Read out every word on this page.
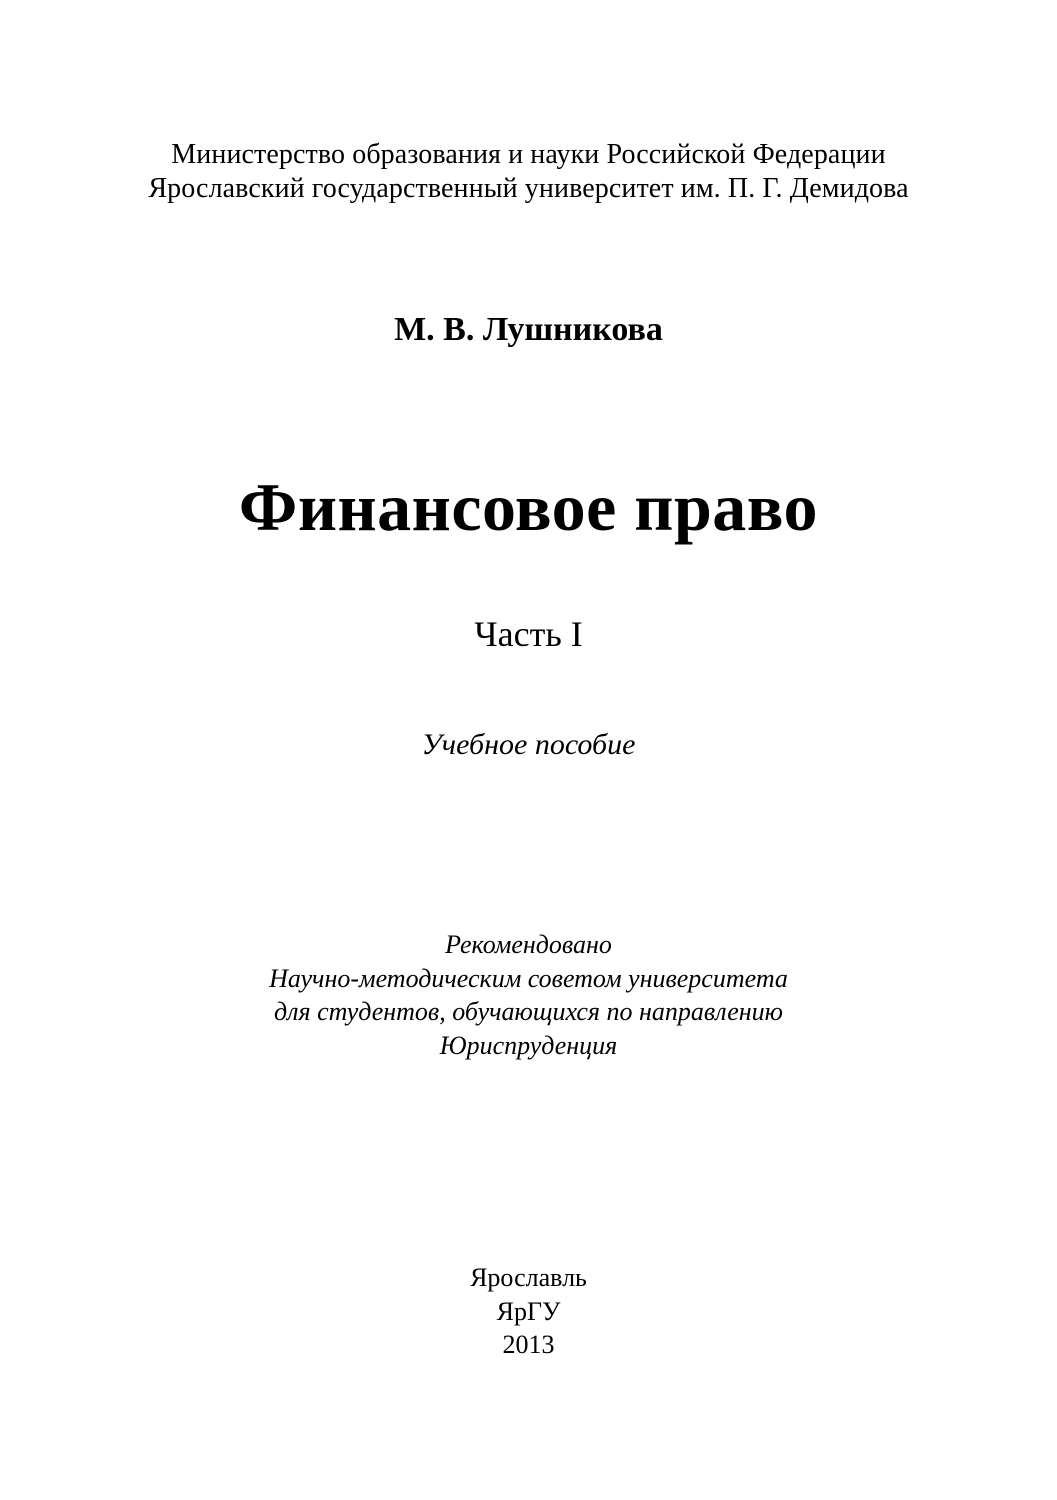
Министерство образования и науки Российской Федерации
Ярославский государственный университет им. П. Г. Демидова
М. В. Лушникова
Финансовое право
Часть I
Учебное пособие
Рекомендовано
Научно-методическим советом университета
для студентов, обучающихся по направлению
Юриспруденция
Ярославль
ЯрГУ
2013
